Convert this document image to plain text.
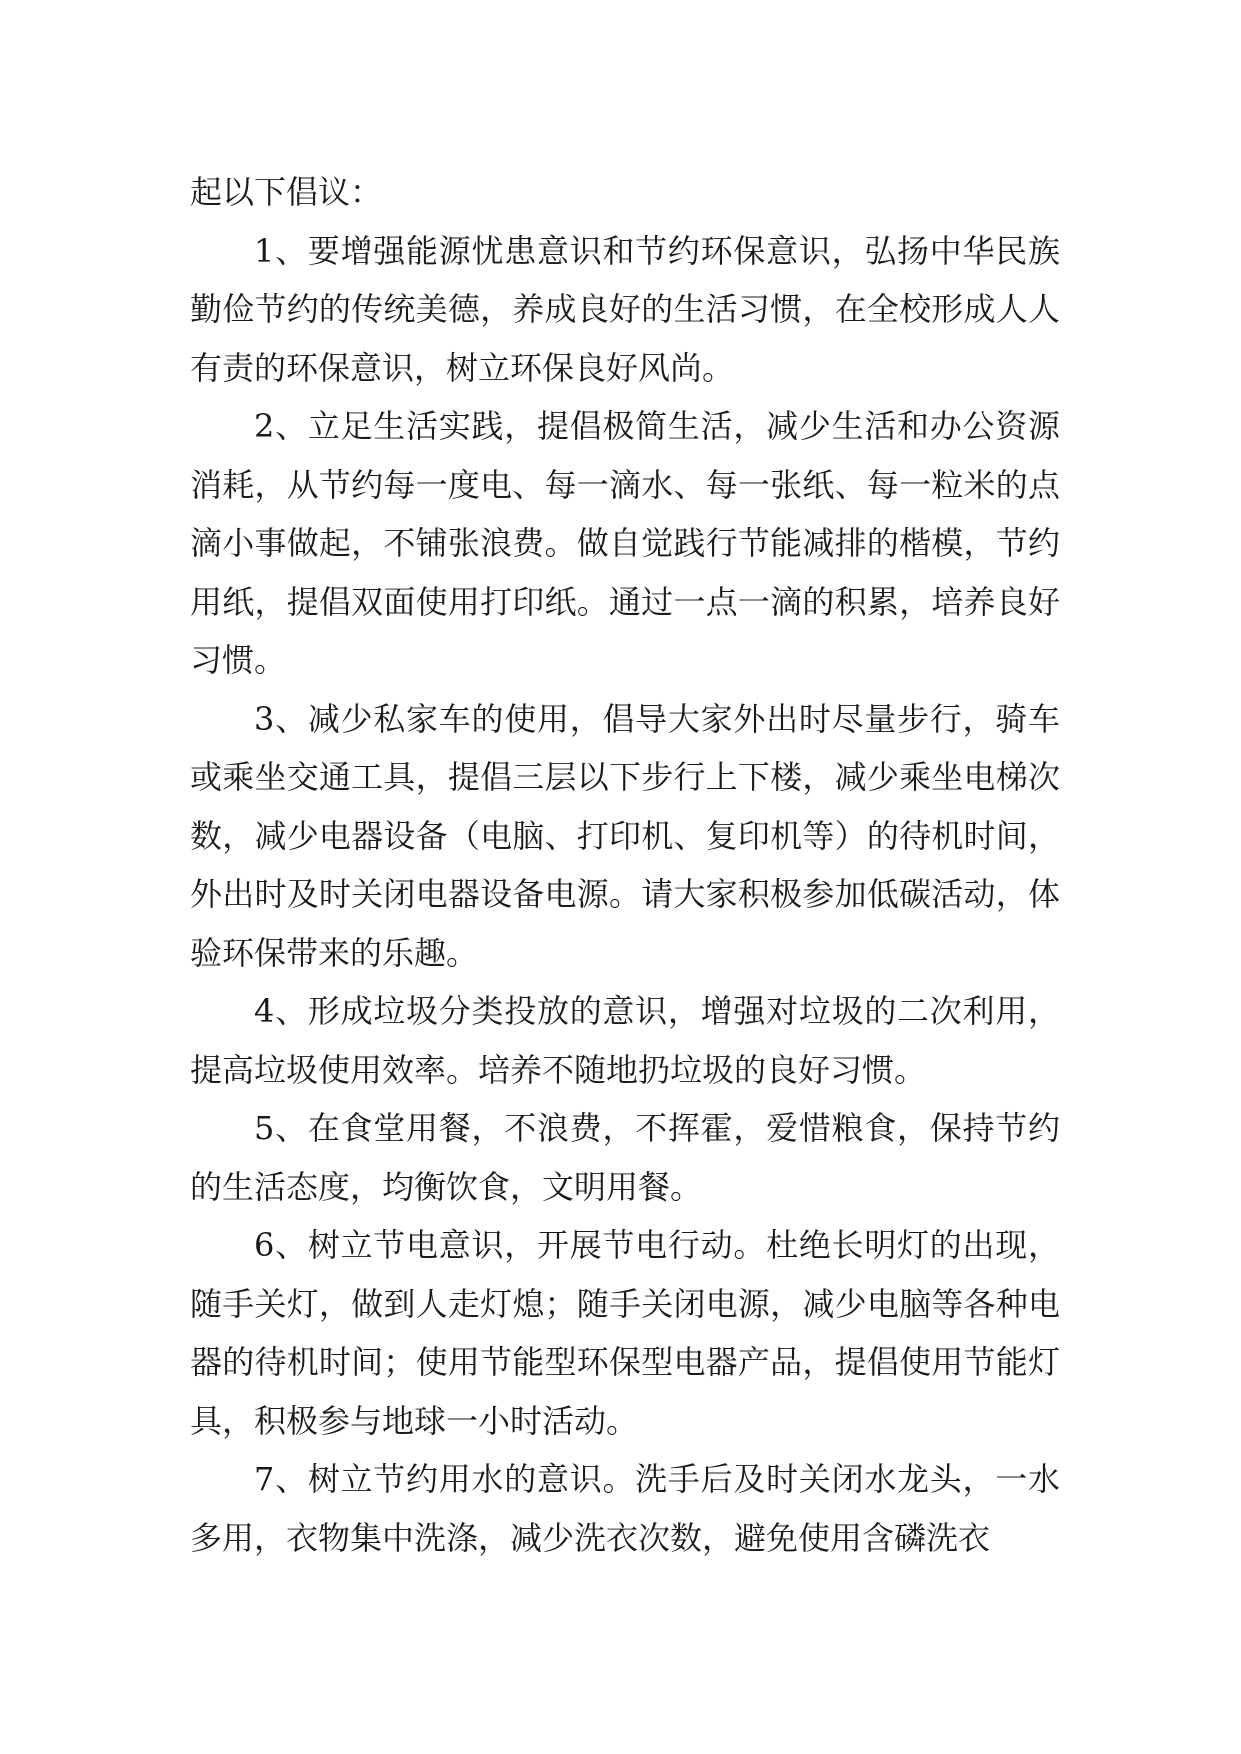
起以下倡议：

1、要增强能源忧患意识和节约环保意识，弘扬中华民族勤俭节约的传统美德，养成良好的生活习惯，在全校形成人人有责的环保意识，树立环保良好风尚。

2、立足生活实践，提倡极简生活，减少生活和办公资源消耗，从节约每一度电、每一滴水、每一张纸、每一粒米的点滴小事做起，不铺张浪费。做自觉践行节能减排的楷模，节约用纸，提倡双面使用打印纸。通过一点一滴的积累，培养良好习惯。

3、减少私家车的使用，倡导大家外出时尽量步行，骑车或乘坐交通工具，提倡三层以下步行上下楼，减少乘坐电梯次数，减少电器设备（电脑、打印机、复印机等）的待机时间，外出时及时关闭电器设备电源。请大家积极参加低碳活动，体验环保带来的乐趣。

4、形成垃圾分类投放的意识，增强对垃圾的二次利用，提高垃圾使用效率。培养不随地扔垃圾的良好习惯。

5、在食堂用餐，不浪费，不挥霍，爱惜粮食，保持节约的生活态度，均衡饮食，文明用餐。

6、树立节电意识，开展节电行动。杜绝长明灯的出现，随手关灯，做到人走灯熄；随手关闭电源，减少电脑等各种电器的待机时间；使用节能型环保型电器产品，提倡使用节能灯具，积极参与地球一小时活动。

7、树立节约用水的意识。洗手后及时关闭水龙头，一水多用，衣物集中洗涤，减少洗衣次数，避免使用含磷洗衣
